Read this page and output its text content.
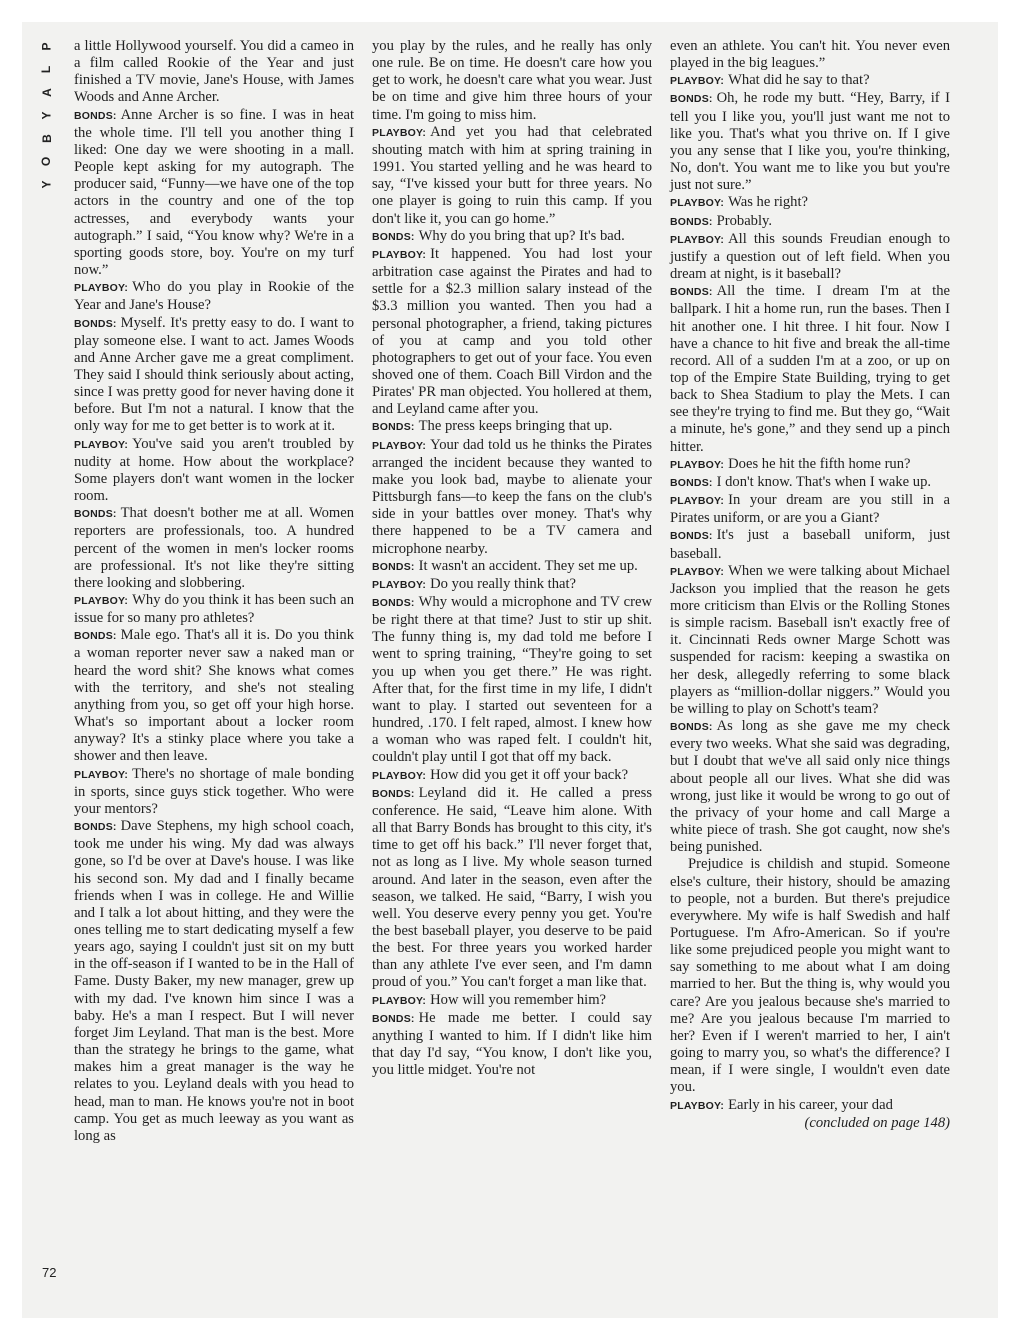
P
L
A
Y
B
O
Y
72

a little Hollywood yourself. You did a cameo in a film called Rookie of the Year and just finished a TV movie, Jane's House, with James Woods and Anne Archer.

BONDS: Anne Archer is so fine. I was in heat the whole time. I'll tell you another thing I liked: One day we were shooting in a mall. People kept asking for my autograph. The producer said, “Funny—we have one of the top actors in the country and one of the top actresses, and everybody wants your autograph.” I said, “You know why? We're in a sporting goods store, boy. You're on my turf now.”

PLAYBOY: Who do you play in Rookie of the Year and Jane's House?

BONDS: Myself. It's pretty easy to do. I want to play someone else. I want to act. James Woods and Anne Archer gave me a great compliment. They said I should think seriously about acting, since I was pretty good for never having done it before. But I'm not a natural. I know that the only way for me to get better is to work at it.

PLAYBOY: You've said you aren't troubled by nudity at home. How about the workplace? Some players don't want women in the locker room.

BONDS: That doesn't bother me at all. Women reporters are professionals, too. A hundred percent of the women in men's locker rooms are professional. It's not like they're sitting there looking and slobbering.

PLAYBOY: Why do you think it has been such an issue for so many pro athletes?

BONDS: Male ego. That's all it is. Do you think a woman reporter never saw a naked man or heard the word shit? She knows what comes with the territory, and she's not stealing anything from you, so get off your high horse. What's so important about a locker room anyway? It's a stinky place where you take a shower and then leave.

PLAYBOY: There's no shortage of male bonding in sports, since guys stick together. Who were your mentors?

BONDS: Dave Stephens, my high school coach, took me under his wing. My dad was always gone, so I'd be over at Dave's house. I was like his second son. My dad and I finally became friends when I was in college. He and Willie and I talk a lot about hitting, and they were the ones telling me to start dedicating myself a few years ago, saying I couldn't just sit on my butt in the off-season if I wanted to be in the Hall of Fame. Dusty Baker, my new manager, grew up with my dad. I've known him since I was a baby. He's a man I respect. But I will never forget Jim Leyland. That man is the best. More than the strategy he brings to the game, what makes him a great manager is the way he relates to you. Leyland deals with you head to head, man to man. He knows you're not in boot camp. You get as much leeway as you want as long as

you play by the rules, and he really has only one rule. Be on time. He doesn't care how you get to work, he doesn't care what you wear. Just be on time and give him three hours of your time. I'm going to miss him.

PLAYBOY: And yet you had that celebrated shouting match with him at spring training in 1991. You started yelling and he was heard to say, “I've kissed your butt for three years. No one player is going to ruin this camp. If you don't like it, you can go home.”

BONDS: Why do you bring that up? It's bad.

PLAYBOY: It happened. You had lost your arbitration case against the Pirates and had to settle for a $2.3 million salary instead of the $3.3 million you wanted. Then you had a personal photographer, a friend, taking pictures of you at camp and you told other photographers to get out of your face. You even shoved one of them. Coach Bill Virdon and the Pirates' PR man objected. You hollered at them, and Leyland came after you.

BONDS: The press keeps bringing that up.

PLAYBOY: Your dad told us he thinks the Pirates arranged the incident because they wanted to make you look bad, maybe to alienate your Pittsburgh fans—to keep the fans on the club's side in your battles over money. That's why there happened to be a TV camera and microphone nearby.

BONDS: It wasn't an accident. They set me up.

PLAYBOY: Do you really think that?

BONDS: Why would a microphone and TV crew be right there at that time? Just to stir up shit. The funny thing is, my dad told me before I went to spring training, “They're going to set you up when you get there.” He was right. After that, for the first time in my life, I didn't want to play. I started out seventeen for a hundred, .170. I felt raped, almost. I knew how a woman who was raped felt. I couldn't hit, couldn't play until I got that off my back.

PLAYBOY: How did you get it off your back?

BONDS: Leyland did it. He called a press conference. He said, “Leave him alone. With all that Barry Bonds has brought to this city, it's time to get off his back.” I'll never forget that, not as long as I live. My whole season turned around. And later in the season, even after the season, we talked. He said, “Barry, I wish you well. You deserve every penny you get. You're the best baseball player, you deserve to be paid the best. For three years you worked harder than any athlete I've ever seen, and I'm damn proud of you.” You can't forget a man like that.

PLAYBOY: How will you remember him?

BONDS: He made me better. I could say anything I wanted to him. If I didn't like him that day I'd say, “You know, I don't like you, you little midget. You're not

even an athlete. You can't hit. You never even played in the big leagues.”

PLAYBOY: What did he say to that?

BONDS: Oh, he rode my butt. “Hey, Barry, if I tell you I like you, you'll just want me not to like you. That's what you thrive on. If I give you any sense that I like you, you're thinking, No, don't. You want me to like you but you're just not sure.”

PLAYBOY: Was he right?

BONDS: Probably.

PLAYBOY: All this sounds Freudian enough to justify a question out of left field. When you dream at night, is it baseball?

BONDS: All the time. I dream I'm at the ballpark. I hit a home run, run the bases. Then I hit another one. I hit three. I hit four. Now I have a chance to hit five and break the all-time record. All of a sudden I'm at a zoo, or up on top of the Empire State Building, trying to get back to Shea Stadium to play the Mets. I can see they're trying to find me. But they go, “Wait a minute, he's gone,” and they send up a pinch hitter.

PLAYBOY: Does he hit the fifth home run?

BONDS: I don't know. That's when I wake up.

PLAYBOY: In your dream are you still in a Pirates uniform, or are you a Giant?

BONDS: It's just a baseball uniform, just baseball.

PLAYBOY: When we were talking about Michael Jackson you implied that the reason he gets more criticism than Elvis or the Rolling Stones is simple racism. Baseball isn't exactly free of it. Cincinnati Reds owner Marge Schott was suspended for racism: keeping a swastika on her desk, allegedly referring to some black players as “million-dollar niggers.” Would you be willing to play on Schott's team?

BONDS: As long as she gave me my check every two weeks. What she said was degrading, but I doubt that we've all said only nice things about people all our lives. What she did was wrong, just like it would be wrong to go out of the privacy of your home and call Marge a white piece of trash. She got caught, now she's being punished.

Prejudice is childish and stupid. Someone else's culture, their history, should be amazing to people, not a burden. But there's prejudice everywhere. My wife is half Swedish and half Portuguese. I'm Afro-American. So if you're like some prejudiced people you might want to say something to me about what I am doing married to her. But the thing is, why would you care? Are you jealous because she's married to me? Are you jealous because I'm married to her? Even if I weren't married to her, I ain't going to marry you, so what's the difference? I mean, if I were single, I wouldn't even date you.

PLAYBOY: Early in his career, your dad

(concluded on page 148)
